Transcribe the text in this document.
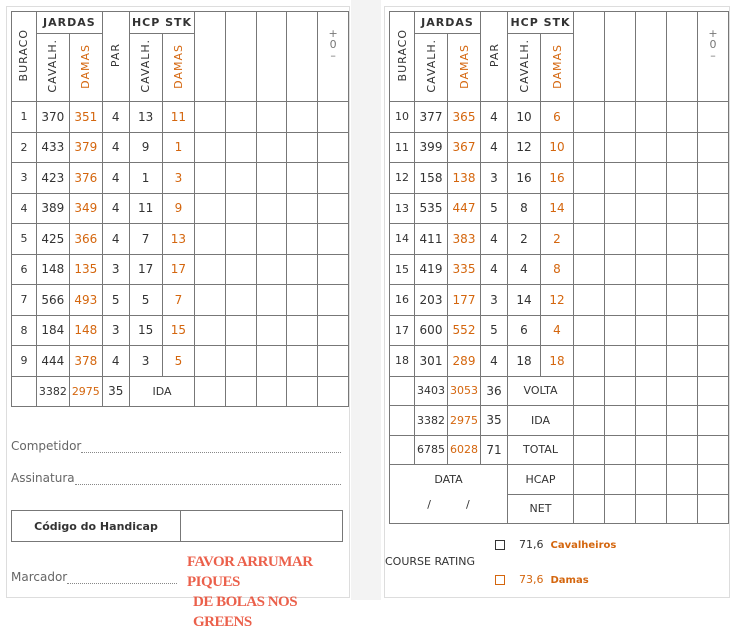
BURACO	JARDAS		PAR	HCP STK						+
0
–

	CAVALH.	DAMAS		CAVALH.	DAMAS					
1	370	351	4	13	11					
2	433	379	4	9	1					
3	423	376	4	1	3					
4	389	349	4	11	9					
5	425	366	4	7	13					
6	148	135	3	17	17					
7	566	493	5	5	7					
8	184	148	3	15	15					
9	444	378	4	3	5					
	3382	2975	35	IDA						
Competidor
Assinatura
Código do Handicap
Marcador
FAVOR ARRUMAR PIQUES
DE BOLAS NOS GREENS
BURACO	JARDAS		PAR	HCP STK						+
0
–

	CAVALH.	DAMAS		CAVALH.	DAMAS					
10	377	365	4	10	6					
11	399	367	4	12	10					
12	158	138	3	16	16					
13	535	447	5	8	14					
14	411	383	4	2	2					
15	419	335	4	4	8					
16	203	177	3	14	12					
17	600	552	5	6	4					
18	301	289	4	18	18					
	3403	3053	36	VOLTA						
	3382	2975	35	IDA						
	6785	6028	71	TOTAL						
DATA
/          /				HCAP						
				NET						
COURSE RATING
71,6 Cavalheiros
73,6 Damas
